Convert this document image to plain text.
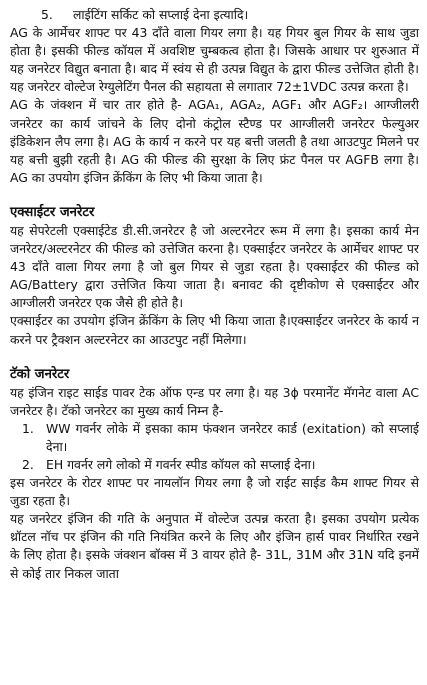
5.	लाईटिंग सर्किट को सप्लाई देना इत्यादि।

AG के आर्मेचर शाफ्ट पर 43 दाँते वाला गियर लगा है। यह गियर बुल गियर के साथ जुडा होता है। इसकी फील्ड कॉयल में अवशिष्ट चुम्बकत्व होता है। जिसके आधार पर शुरुआत में यह जनरेटर विद्युत बनाता है। बाद में स्वंय से ही उत्पन्न विद्युत के द्वारा फील्ड उत्तेजित होती है। यह जनरेटर वोल्टेज रेग्युलेटिंग पैनल की सहायता से लगातार 72±1VDC उत्पन्न करता है।

AG के जंक्शन में चार तार होते है- AGA₁, AGA₂, AGF₁ और AGF₂। आग्जीलरी जनरेटर का कार्य जांचने के लिए दोनो कंट्रोल स्टैण्ड पर आग्जीलरी जनरेटर फेल्युअर इंडिकेशन लैप लगा है। AG के कार्य न करने पर यह बत्ती जलती है तथा आउटपुट मिलने पर यह बत्ती बुझी रहती है। AG की फील्ड की सुरक्षा के लिए फ्रंट पैनल पर AGFB लगा है। AG का उपयोग इंजिन क्रेंकिंग के लिए भी किया जाता है।

एक्साईटर जनरेटर

यह सेपरेटली एक्साईटेड डी.सी.जनरेटर है जो अल्टरनेटर रूम में लगा है। इसका कार्य मेन जनरेटर/अल्टरनेटर की फील्ड को उत्तेजित करना है। एक्साईटर जनरेटर के आर्मेचर शाफ्ट पर 43 दाँते वाला गियर लगा है जो बुल गियर से जुडा रहता है। एक्साईटर की फील्ड को AG/Battery द्वारा उत्तेजित किया जाता है। बनावट की दृष्टीकोण से एक्साईटर और आग्जीलरी जनरेटर एक जैसे ही होते है।

एक्साईटर का उपयोग इंजिन क्रेंकिंग के लिए भी किया जाता है।एक्साईटर जनरेटर के कार्य न करने पर ट्रैक्शन अल्टरनेटर का आउटपुट नहीं मिलेगा।

टॅको जनरेटर

यह इंजिन राइट साईड पावर टेक ऑफ एन्ड पर लगा है। यह 3ϕ परमानेंट मॅगनेट वाला AC जनरेटर है। टॅको जनरेटर का मुख्य कार्य निम्न है-

1. WW गवर्नर लोके में इसका काम फंक्शन जनरेटर कार्ड (exitation) को सप्लाई देना।
2. EH गवर्नर लगे लोको में गवर्नर स्पीड कॉयल को सप्लाई देना।

इस जनरेटर के रोटर शाफ्ट पर नायलॉन गियर लगा है जो राईट साईड कैम शाफ्ट गियर से जुडा रहता है।

यह जनरेटर इंजिन की गति के अनुपात में वोल्टेज उत्पन्न करता है। इसका उपयोग प्रत्येक थ्रॉटल नॉच पर इंजिन की गति नियंत्रित करने के लिए और इंजिन हार्स पावर निर्धारित रखने के लिए होता है। इसके जंक्शन बॉक्स में 3 वायर होते है- 31L, 31M और 31N यदि इनमें से कोई तार निकल जाता
